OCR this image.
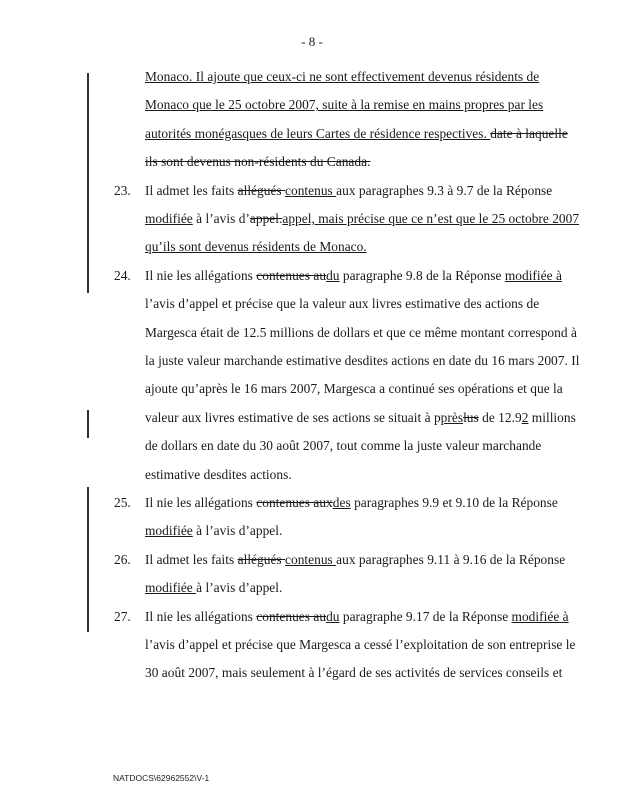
- 8 -
Monaco. Il ajoute que ceux-ci ne sont effectivement devenus résidents de
Monaco que le 25 octobre 2007, suite à la remise en mains propres par les
autorités monégasques de leurs Cartes de résidence respectives. date à laquelle
ils sont devenus non-résidents du Canada.
23. Il admet les faits allégués contenus aux paragraphes 9.3 à 9.7 de la Réponse
modifiée à l’avis d’appel.appel, mais précise que ce n’est que le 25 octobre 2007
qu’ils sont devenus résidents de Monaco.
24. Il nie les allégations contenues audu paragraphe 9.8 de la Réponse modifiée à
l’avis d’appel et précise que la valeur aux livres estimative des actions de
Margesca était de 12.5 millions de dollars et que ce même montant correspond à
la juste valeur marchande estimative desdites actions en date du 16 mars 2007. Il
ajoute qu’après le 16 mars 2007, Margesca a continué ses opérations et que la
valeur aux livres estimative de ses actions se situait à pprèslus de 12.92 millions
de dollars en date du 30 août 2007, tout comme la juste valeur marchande
estimative desdites actions.
25. Il nie les allégations contenues auxdes paragraphes 9.9 et 9.10 de la Réponse
modifiée à l’avis d’appel.
26. Il admet les faits allégués contenus aux paragraphes 9.11 à 9.16 de la Réponse
modifiée à l’avis d’appel.
27. Il nie les allégations contenues audu paragraphe 9.17 de la Réponse modifiée à
l’avis d’appel et précise que Margesca a cessé l’exploitation de son entreprise le
30 août 2007, mais seulement à l’égard de ses activités de services conseils et
NATDOCS\62962552\V-1
